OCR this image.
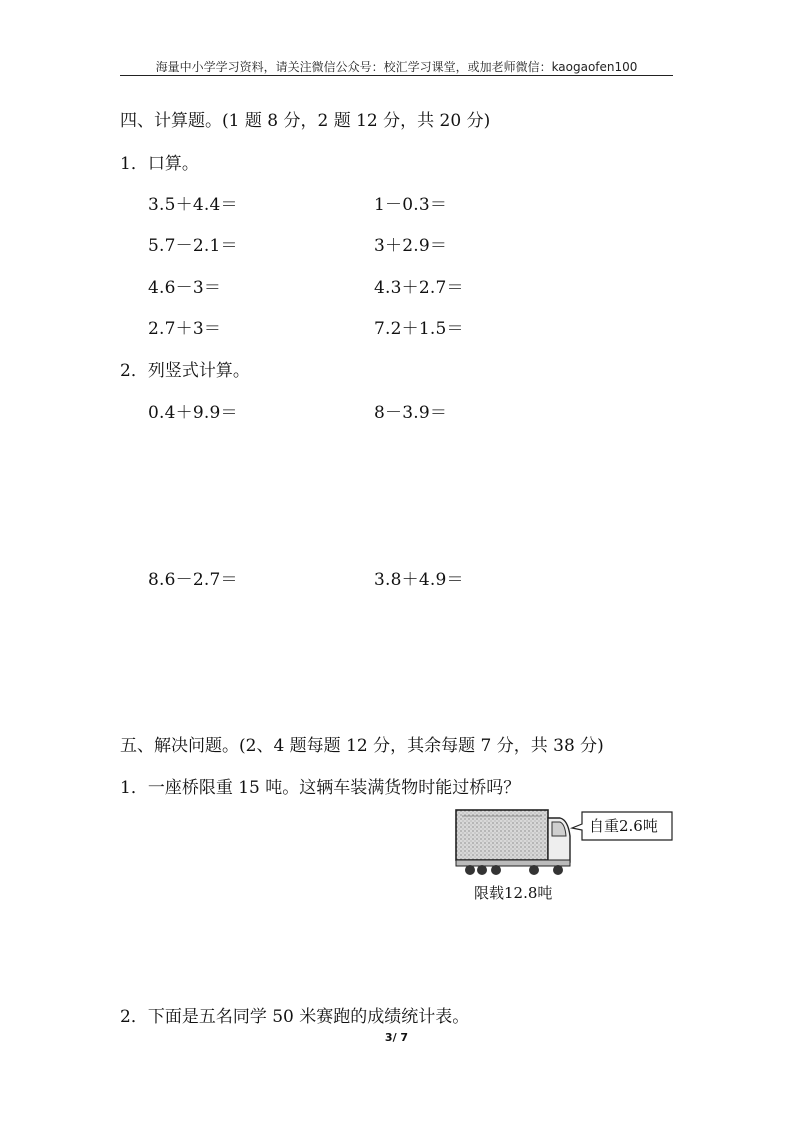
海量中小学学习资料，请关注微信公众号：校汇学习课堂，或加老师微信：kaogaofen100
四、计算题。(1 题 8 分，2 题 12 分，共 20 分)
1．口算。
3.5＋4.4＝	1－0.3＝
5.7－2.1＝	3＋2.9＝
4.6－3＝	4.3＋2.7＝
2.7＋3＝	7.2＋1.5＝
2．列竖式计算。
0.4＋9.9＝	8－3.9＝
8.6－2.7＝	3.8＋4.9＝
五、解决问题。(2、4 题每题 12 分，其余每题 7 分，共 38 分)
1．一座桥限重 15 吨。这辆车装满货物时能过桥吗？
自重2.6吨
限载12.8吨
2．下面是五名同学 50 米赛跑的成绩统计表。
3/ 7
